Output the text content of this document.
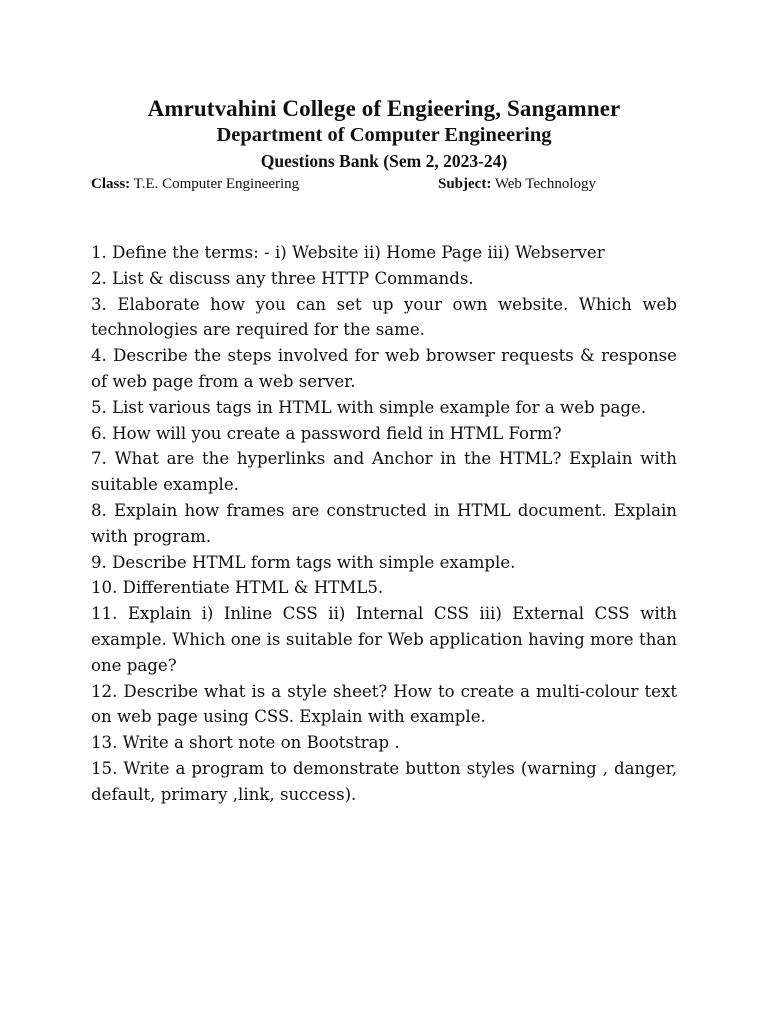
Amrutvahini College of Engieering, Sangamner
Department of Computer Engineering
Questions Bank (Sem 2, 2023-24)
Class: T.E. Computer Engineering	Subject: Web Technology

1. Define the terms: - i) Website ii) Home Page iii) Webserver

2. List & discuss any three HTTP Commands.

3. Elaborate how you can set up your own website. Which web technologies are required for the same.

4. Describe the steps involved for web browser requests & response of web page from a web server.

5. List various tags in HTML with simple example for a web page.

6. How will you create a password field in HTML Form?

7. What are the hyperlinks and Anchor in the HTML? Explain with suitable example.

8. Explain how frames are constructed in HTML document. Explain with program.

9. Describe HTML form tags with simple example.

10. Differentiate HTML & HTML5.

11. Explain i) Inline CSS ii) Internal CSS iii) External CSS with example. Which one is suitable for Web application having more than one page?

12. Describe what is a style sheet? How to create a multi-colour text on web page using CSS. Explain with example.

13. Write a short note on Bootstrap .

15. Write a program to demonstrate button styles (warning , danger, default, primary ,link, success).
